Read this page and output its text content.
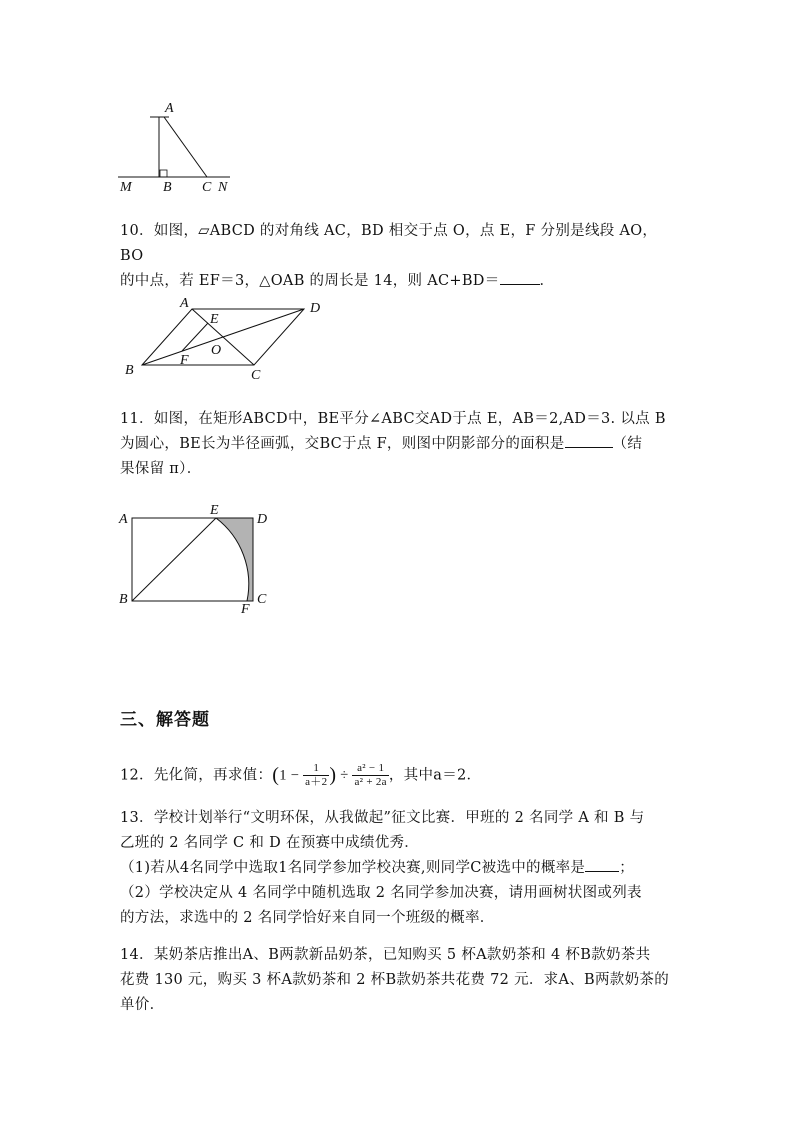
A
M B C N
10．如图，▱ABCD 的对角线 AC，BD 相交于点 O，点 E，F 分别是线段 AO，BO
的中点，若 EF＝3，△OAB 的周长是 14，则 AC+BD＝	．
A	D
E
O
F
B	C
11．如图，在矩形ABCD中，BE平分∠ABC交AD于点 E，AB＝2,AD＝3. 以点 B
为圆心，BE长为半径画弧，交BC于点 F，则图中阴影部分的面积是	（结
果保留 π）．
A
E
D
B
F
C
三、解答题
12．先化简，再求值：($1 - \frac{1}{a+2}$ ) ÷ $\frac{\text{a² − 1}}{\text{a² + 2a}}$ ，其中a＝2．
13．学校计划举行“文明环保，从我做起”征文比赛．甲班的 2 名同学 A 和 B 与
乙班的 2 名同学 C 和 D 在预赛中成绩优秀．
（1)若从4名同学中选取1名同学参加学校决赛,则同学C被选中的概率是 ；
（2）学校决定从 4 名同学中随机选取 2 名同学参加决赛，请用画树状图或列表
的方法，求选中的 2 名同学恰好来自同一个班级的概率．
14．某奶茶店推出A、B两款新品奶茶，已知购买 5 杯A款奶茶和 4 杯B款奶茶共
花费 130 元，购买 3 杯A款奶茶和 2 杯B款奶茶共花费 72 元．求A、B两款奶茶的
单价．
